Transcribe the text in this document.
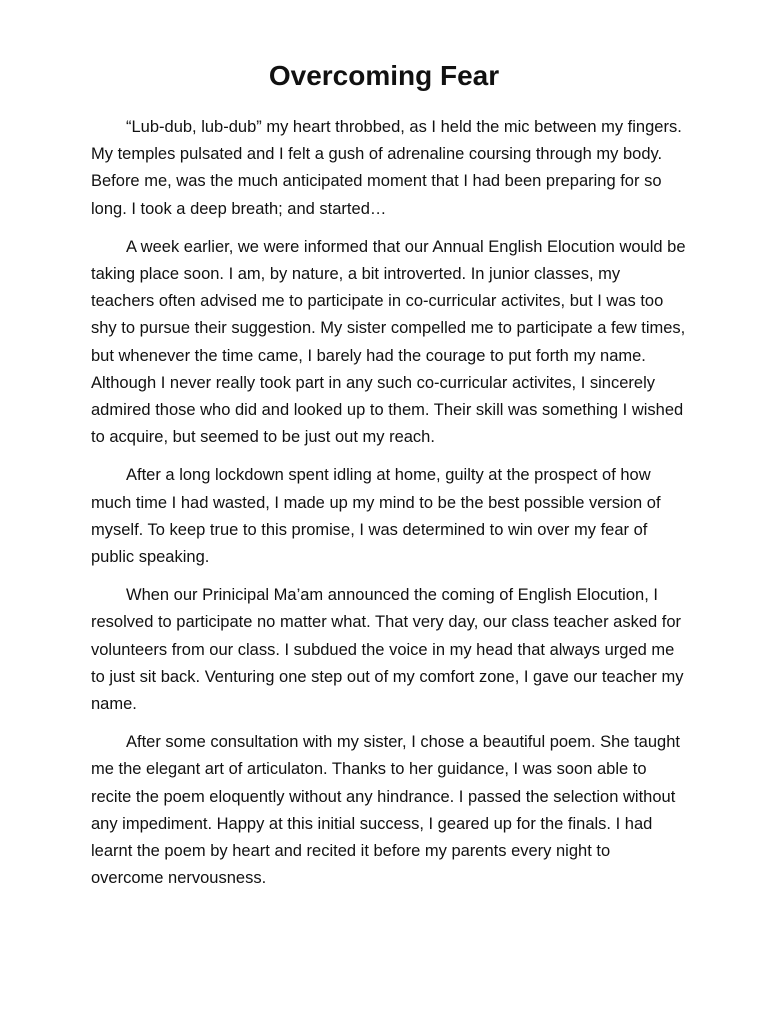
Overcoming Fear

“Lub-dub, lub-dub” my heart throbbed, as I held the mic between my fingers. My temples pulsated and I felt a gush of adrenaline coursing through my body. Before me, was the much anticipated moment that I had been preparing for so long. I took a deep breath; and started…

A week earlier, we were informed that our Annual English Elocution would be taking place soon. I am, by nature, a bit introverted. In junior classes, my teachers often advised me to participate in co-curricular activites, but I was too shy to pursue their suggestion. My sister compelled me to participate a few times, but whenever the time came, I barely had the courage to put forth my name. Although I never really took part in any such co-curricular activites, I sincerely admired those who did and looked up to them. Their skill was something I wished to acquire, but seemed to be just out my reach.

After a long lockdown spent idling at home, guilty at the prospect of how much time I had wasted, I made up my mind to be the best possible version of myself. To keep true to this promise, I was determined to win over my fear of public speaking.

When our Prinicipal Ma’am announced the coming of English Elocution, I resolved to participate no matter what. That very day, our class teacher asked for volunteers from our class. I subdued the voice in my head that always urged me to just sit back. Venturing one step out of my comfort zone, I gave our teacher my name.

After some consultation with my sister, I chose a beautiful poem. She taught me the elegant art of articulaton. Thanks to her guidance, I was soon able to recite the poem eloquently without any hindrance. I passed the selection without any impediment. Happy at this initial success, I geared up for the finals. I had learnt the poem by heart and recited it before my parents every night to overcome nervousness.
